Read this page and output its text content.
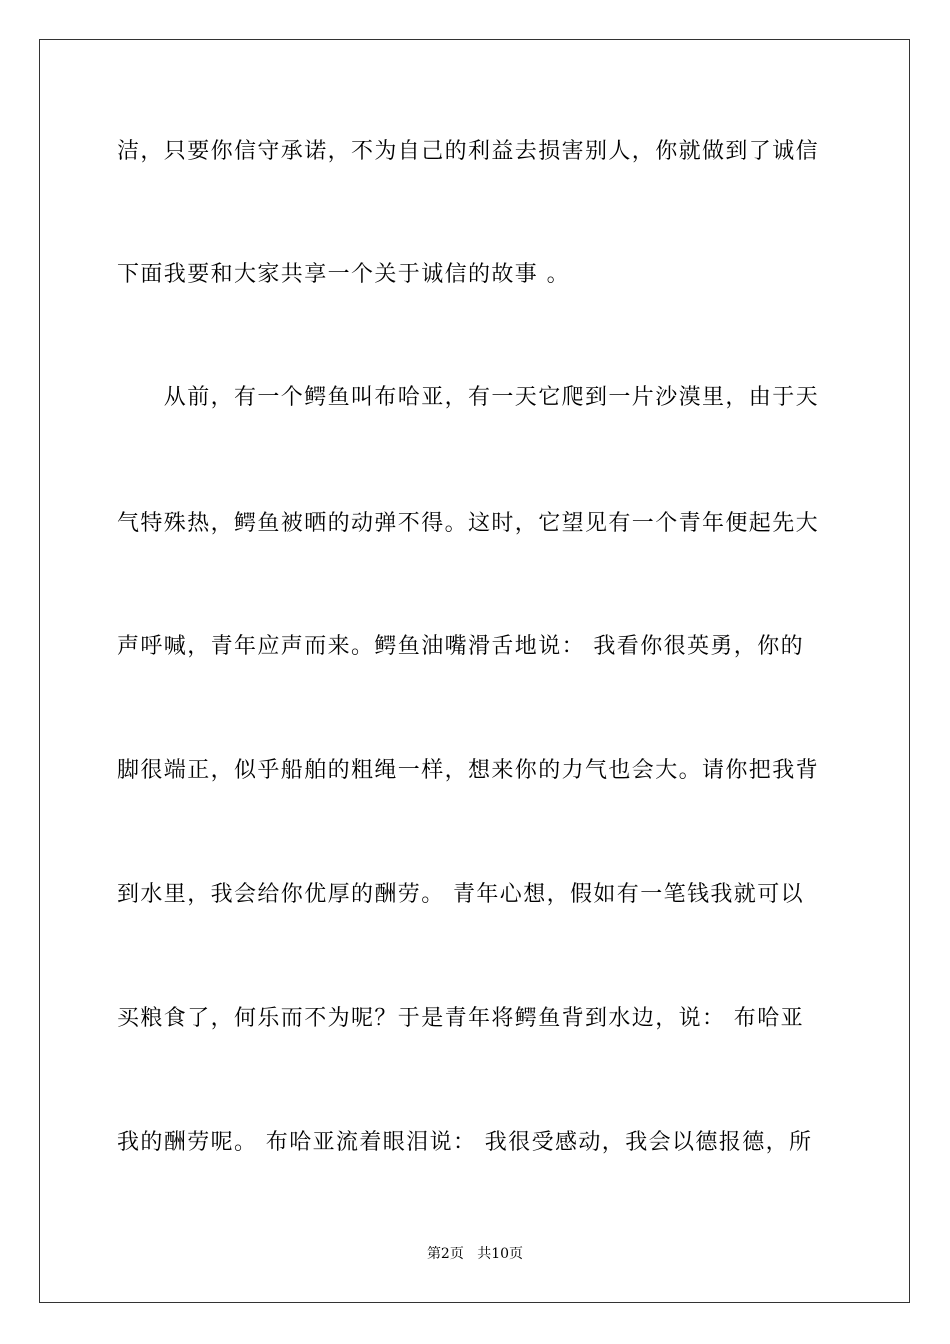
洁，只要你信守承诺，不为自己的利益去损害别人，你就做到了诚信
下面我要和大家共享一个关于诚信的故事 。
　　从前，有一个鳄鱼叫布哈亚，有一天它爬到一片沙漠里，由于天
气特殊热，鳄鱼被晒的动弹不得。这时，它望见有一个青年便起先大
声呼喊，青年应声而来。鳄鱼油嘴滑舌地说： 我看你很英勇，你的
脚很端正，似乎船舶的粗绳一样，想来你的力气也会大。请你把我背
到水里，我会给你优厚的酬劳。 青年心想，假如有一笔钱我就可以
买粮食了，何乐而不为呢？于是青年将鳄鱼背到水边，说： 布哈亚
我的酬劳呢。 布哈亚流着眼泪说： 我很受感动，我会以德报德，所
第2页 共10页
